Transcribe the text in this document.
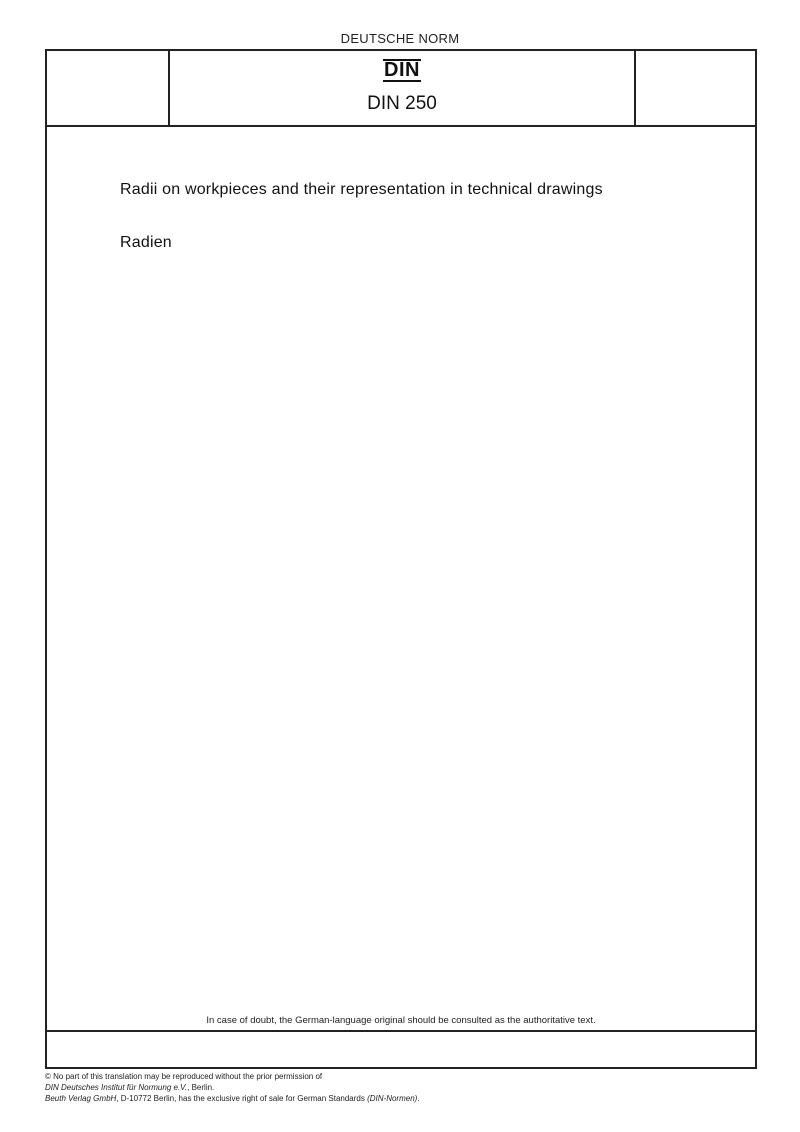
DEUTSCHE NORM
DIN
DIN 250
Radii on workpieces and their representation in technical drawings
Radien
In case of doubt, the German-language original should be consulted as the authoritative text.
© No part of this translation may be reproduced without the prior permission of
DIN Deutsches Institut für Normung e.V., Berlin.
Beuth Verlag GmbH, D-10772 Berlin, has the exclusive right of sale for German Standards (DIN-Normen).
